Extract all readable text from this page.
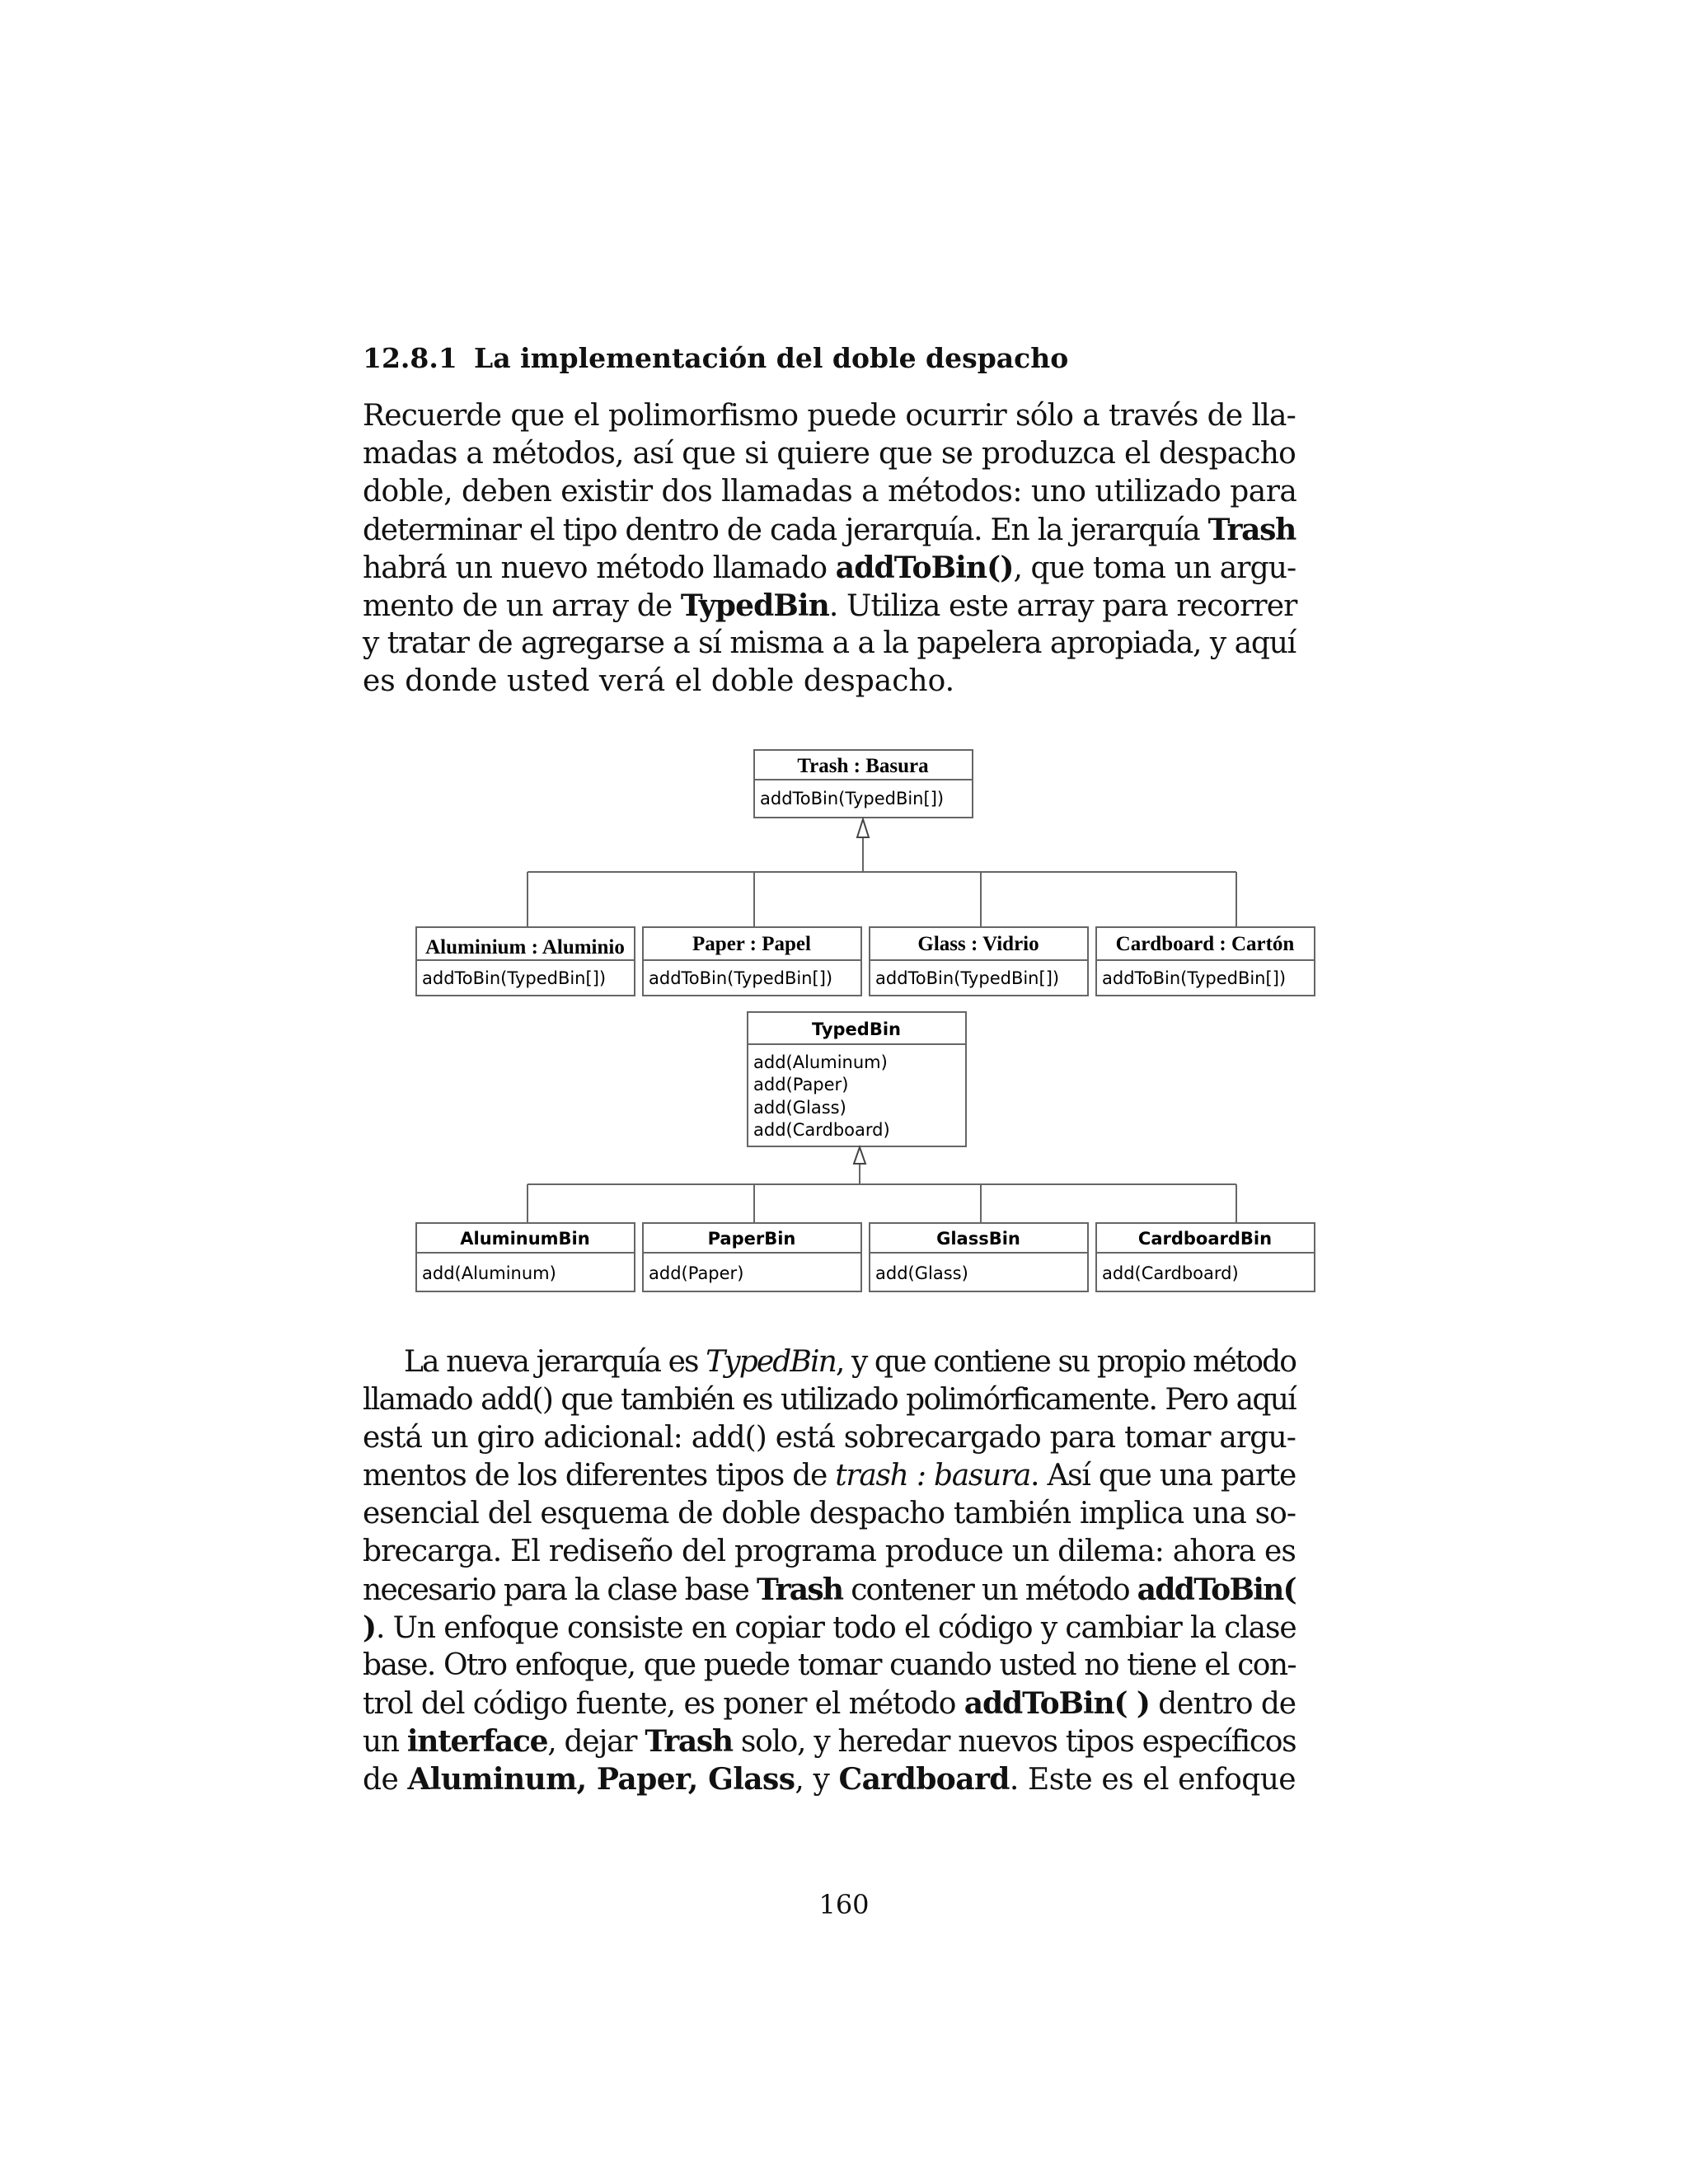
12.8.1 La implementación del doble despacho
Recuerde que el polimorfismo puede ocurrir sólo a través de lla-
madas a métodos, así que si quiere que se produzca el despacho
doble, deben existir dos llamadas a métodos: uno utilizado para
determinar el tipo dentro de cada jerarquía. En la jerarquía Trash
habrá un nuevo método llamado addToBin(), que toma un argu-
mento de un array de TypedBin. Utiliza este array para recorrer
y tratar de agregarse a sí misma a a la papelera apropiada, y aquí
es donde usted verá el doble despacho.
Trash : Basura
addToBin(TypedBin[])
Aluminium : Aluminio
addToBin(TypedBin[])
Paper : Papel
addToBin(TypedBin[])
Glass : Vidrio
addToBin(TypedBin[])
Cardboard : Cartón
addToBin(TypedBin[])
TypedBin
add(Aluminum)
add(Paper)
add(Glass)
add(Cardboard)
AluminumBin
add(Aluminum)
PaperBin
add(Paper)
GlassBin
add(Glass)
CardboardBin
add(Cardboard)
La nueva jerarquía es TypedBin, y que contiene su propio método
llamado add() que también es utilizado polimórficamente. Pero aquí
está un giro adicional: add() está sobrecargado para tomar argu-
mentos de los diferentes tipos de trash : basura. Así que una parte
esencial del esquema de doble despacho también implica una so-
brecarga. El rediseño del programa produce un dilema: ahora es
necesario para la clase base Trash contener un método addToBin(
). Un enfoque consiste en copiar todo el código y cambiar la clase
base. Otro enfoque, que puede tomar cuando usted no tiene el con-
trol del código fuente, es poner el método addToBin( ) dentro de
un interface, dejar Trash solo, y heredar nuevos tipos específicos
de Aluminum, Paper, Glass, y Cardboard. Este es el enfoque

160
